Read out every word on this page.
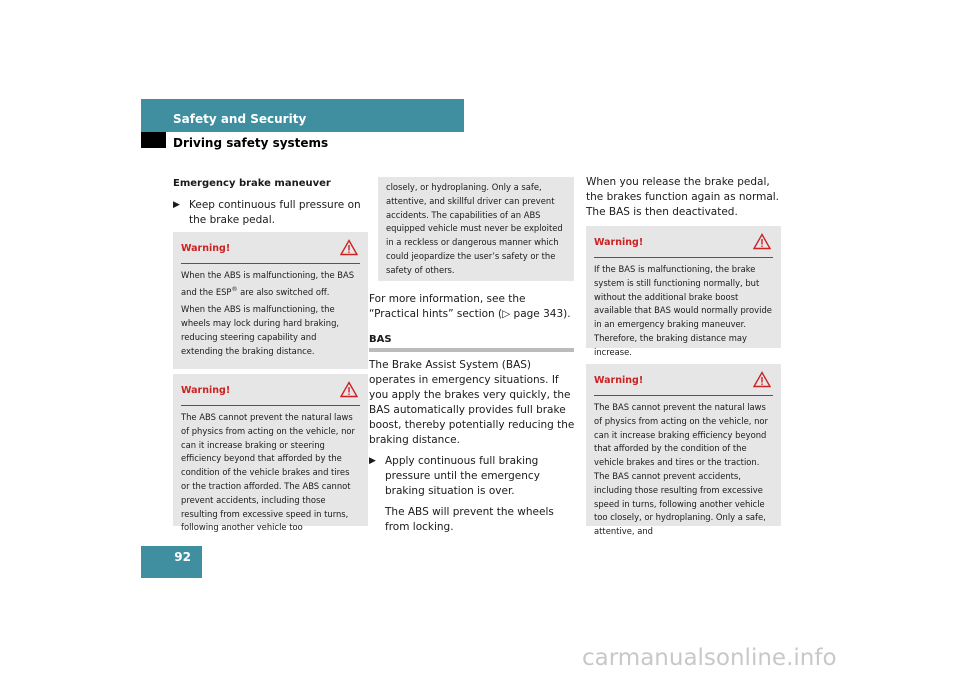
Safety and Security
Driving safety systems

Emergency brake maneuver

▶ Keep continuous full pressure on the brake pedal.

Warning!

When the ABS is malfunctioning, the BAS and the ESP® are also switched off.

When the ABS is malfunctioning, the wheels may lock during hard braking, reducing steering capability and extending the braking distance.

Warning!

The ABS cannot prevent the natural laws of physics from acting on the vehicle, nor can it increase braking or steering efficiency beyond that afforded by the condition of the vehicle brakes and tires or the traction afforded. The ABS cannot prevent accidents, including those resulting from excessive speed in turns, following another vehicle too

closely, or hydroplaning. Only a safe, attentive, and skillful driver can prevent accidents. The capabilities of an ABS equipped vehicle must never be exploited in a reckless or dangerous manner which could jeopardize the user’s safety or the safety of others.

For more information, see the “Practical hints” section (▷ page 343).

BAS

The Brake Assist System (BAS) operates in emergency situations. If you apply the brakes very quickly, the BAS automatically provides full brake boost, thereby potentially reducing the braking distance.

▶ Apply continuous full braking pressure until the emergency braking situation is over.

The ABS will prevent the wheels from locking.

When you release the brake pedal, the brakes function again as normal. The BAS is then deactivated.

Warning!

If the BAS is malfunctioning, the brake system is still functioning normally, but without the additional brake boost available that BAS would normally provide in an emergency braking maneuver. Therefore, the braking distance may increase.

Warning!

The BAS cannot prevent the natural laws of physics from acting on the vehicle, nor can it increase braking efficiency beyond that afforded by the condition of the vehicle brakes and tires or the traction. The BAS cannot prevent accidents, including those resulting from excessive speed in turns, following another vehicle too closely, or hydroplaning. Only a safe, attentive, and

92
carmanualsonline.info
